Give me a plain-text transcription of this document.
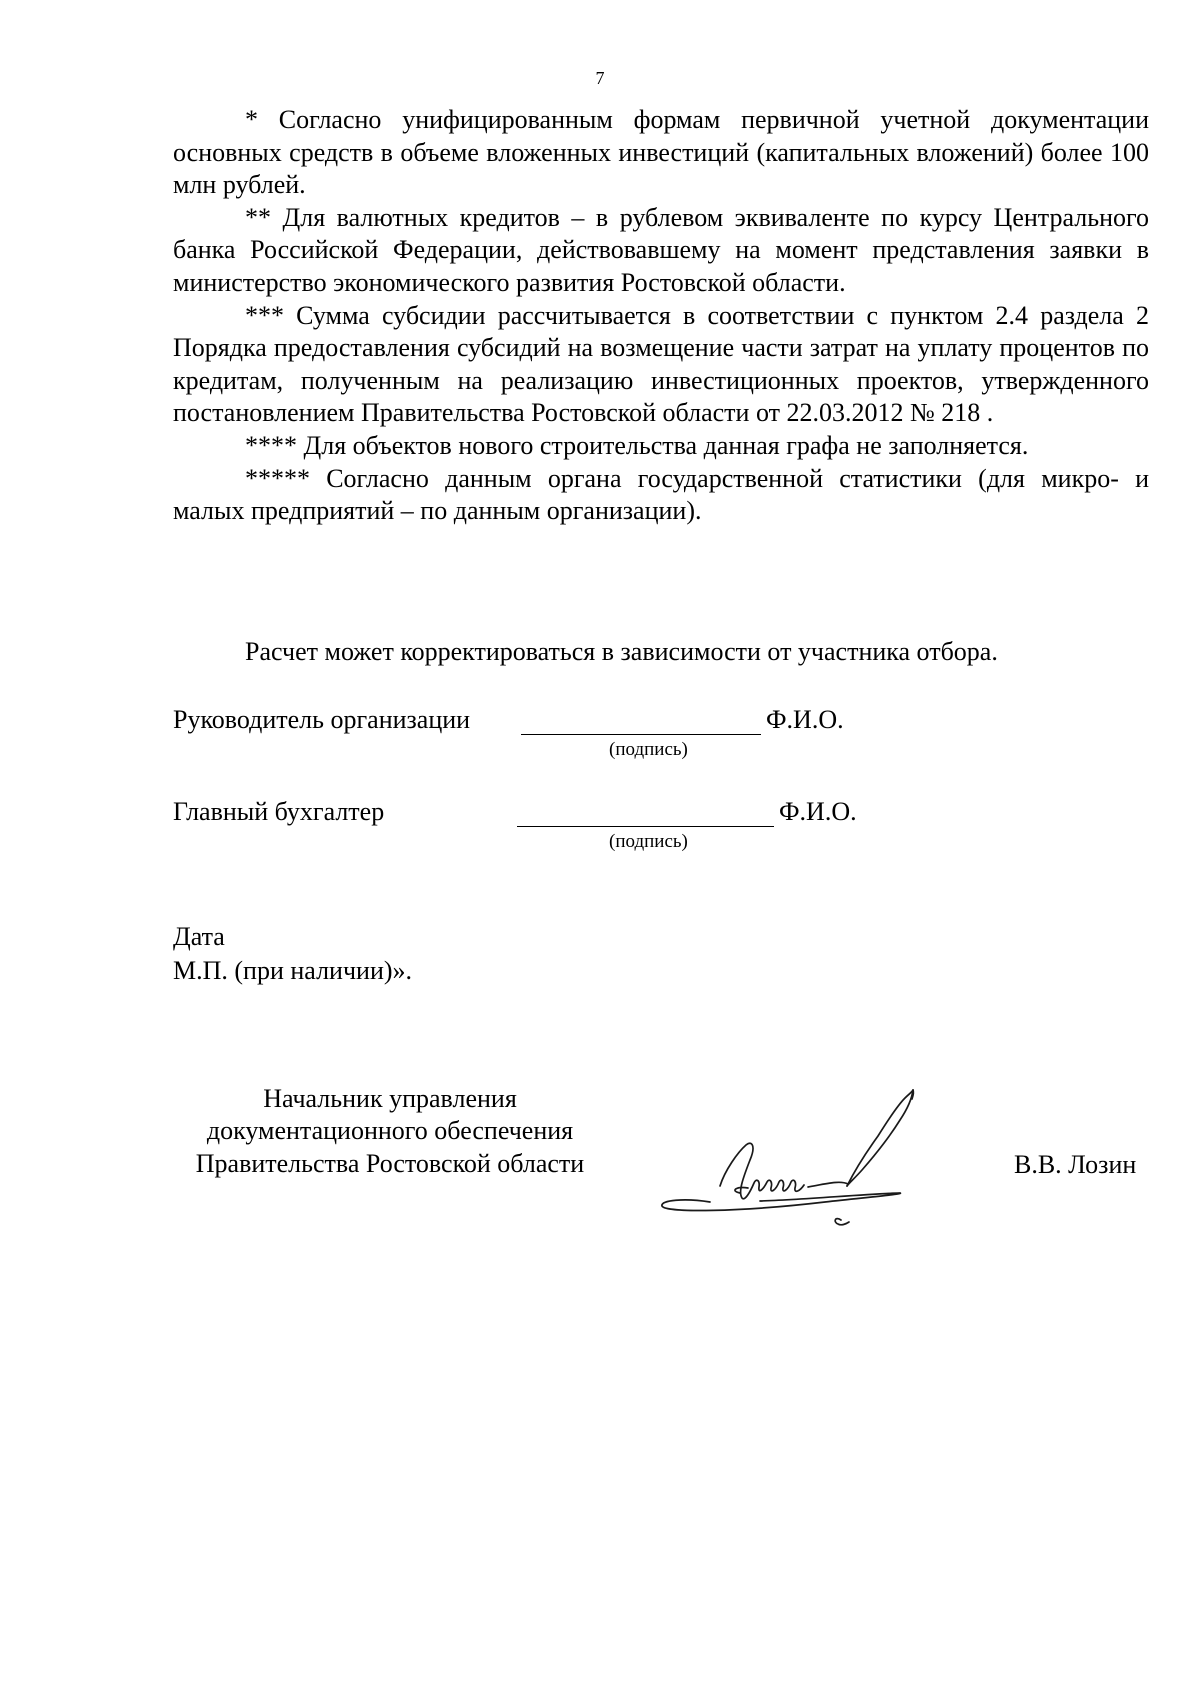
7

* Согласно унифицированным формам первичной учетной документации основных средств в объеме вложенных инвестиций (капитальных вложений) более 100 млн рублей.

** Для валютных кредитов – в рублевом эквиваленте по курсу Центрального банка Российской Федерации, действовавшему на момент представления заявки в министерство экономического развития Ростовской области.

*** Сумма субсидии рассчитывается в соответствии с пунктом 2.4 раздела 2 Порядка предоставления субсидий на возмещение части затрат на уплату процентов по кредитам, полученным на реализацию инвестиционных проектов, утвержденного постановлением Правительства Ростовской области от 22.03.2012 № 218 .

**** Для объектов нового строительства данная графа не заполняется.

***** Согласно данным органа государственной статистики (для микро- и малых предприятий – по данным организации).

Расчет может корректироваться в зависимости от участника отбора.
Руководитель организации
(подпись)
Ф.И.О.
Главный бухгалтер
(подпись)
Ф.И.О.
Дата
М.П. (при наличии)».
Начальник управления
документационного обеспечения
Правительства Ростовской области	В.В. Лозин
